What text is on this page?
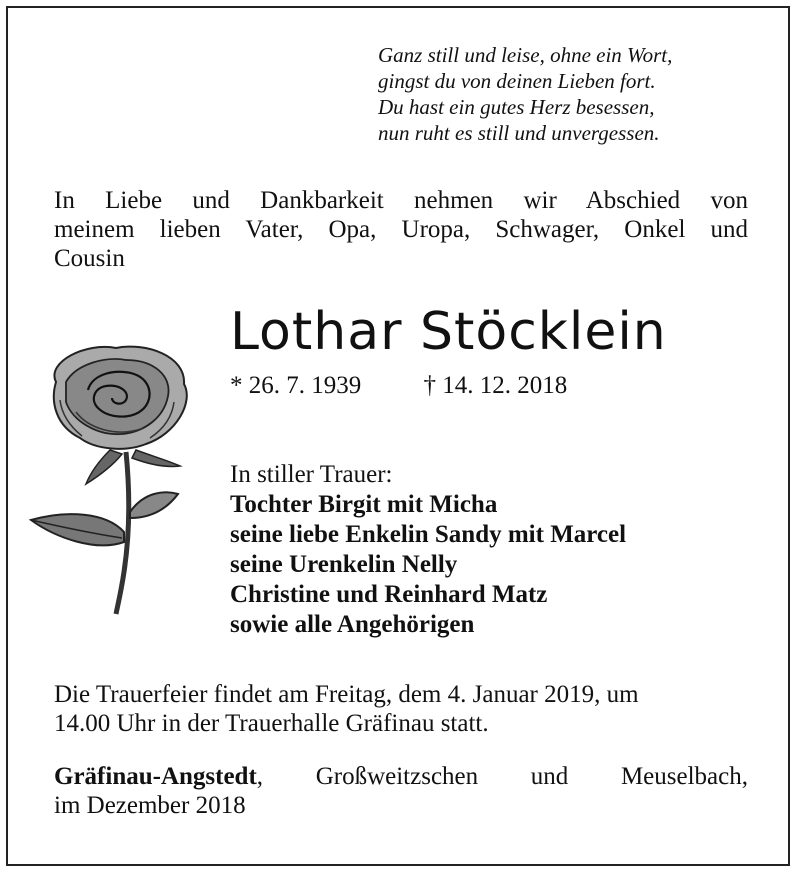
Ganz still und leise, ohne ein Wort,
gingst du von deinen Lieben fort.
Du hast ein gutes Herz besessen,
nun ruht es still und unvergessen.
In Liebe und Dankbarkeit nehmen wir Abschied von
meinem lieben Vater, Opa, Uropa, Schwager, Onkel und
Cousin
Lothar Stöcklein
* 26. 7. 1939 † 14. 12. 2018
In stiller Trauer:
Tochter Birgit mit Micha
seine liebe Enkelin Sandy mit Marcel
seine Urenkelin Nelly
Christine und Reinhard Matz
sowie alle Angehörigen
Die Trauerfeier findet am Freitag, dem 4. Januar 2019, um
14.00 Uhr in der Trauerhalle Gräfinau statt.
Gräfinau-Angstedt, Großweitzschen und Meuselbach,
im Dezember 2018
